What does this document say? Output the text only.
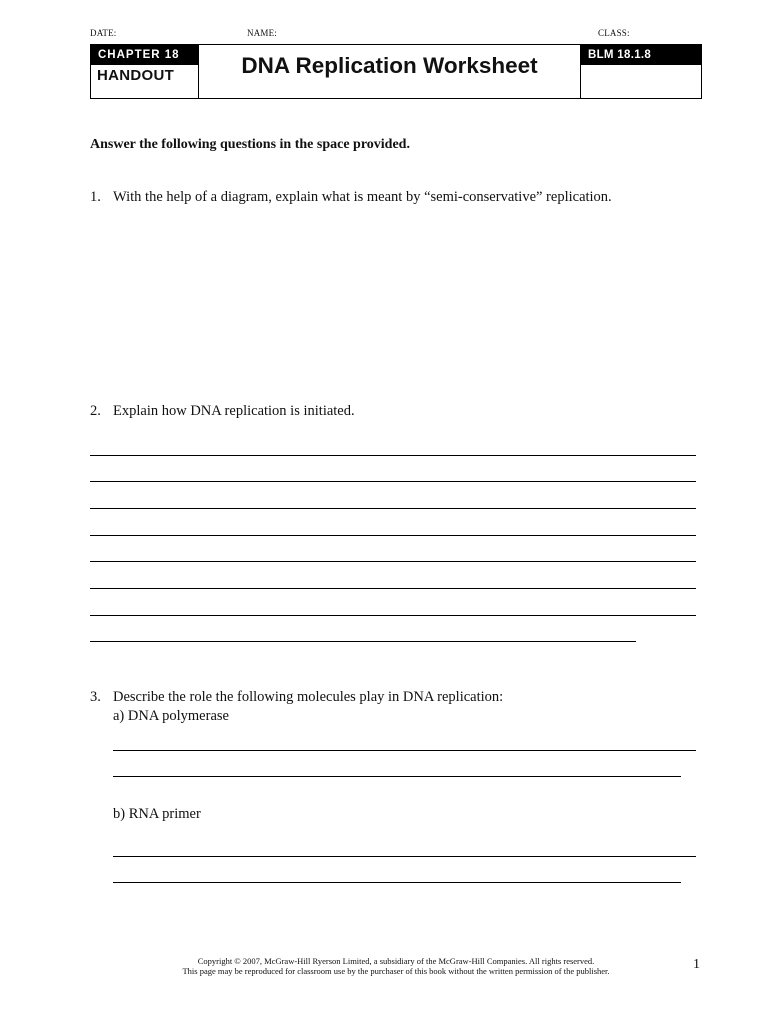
DATE:	NAME:	CLASS:
CHAPTER 18
HANDOUT	DNA Replication Worksheet	BLM 18.1.8
Answer the following questions in the space provided.
1. With the help of a diagram, explain what is meant by “semi-conservative” replication.
2. Explain how DNA replication is initiated.
3. Describe the role the following molecules play in DNA replication:
a) DNA polymerase
b) RNA primer
Copyright © 2007, McGraw-Hill Ryerson Limited, a subsidiary of the McGraw-Hill Companies. All rights reserved.
This page may be reproduced for classroom use by the purchaser of this book without the written permission of the publisher.	1
